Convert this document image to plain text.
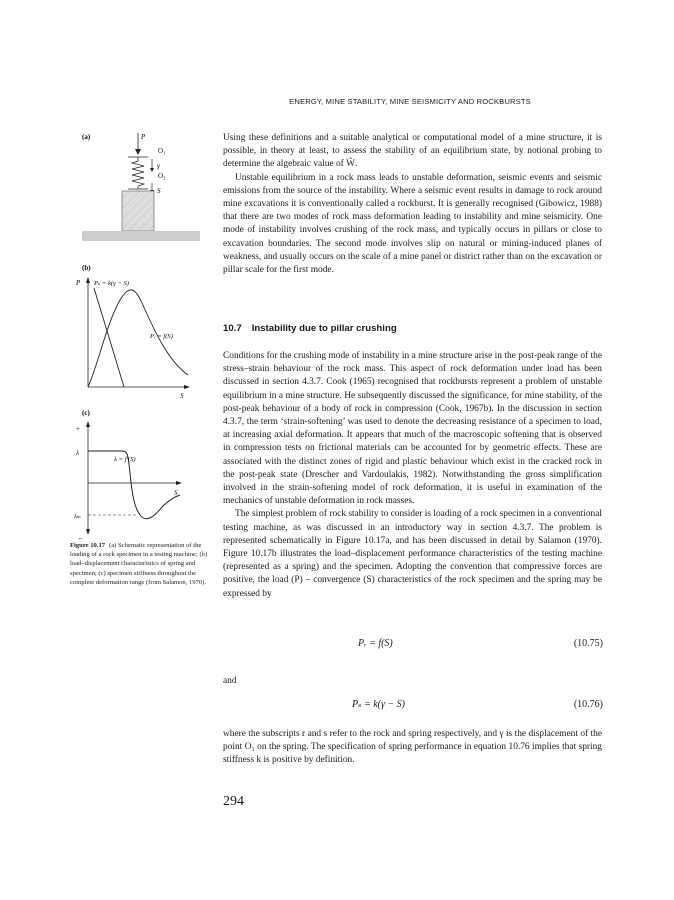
ENERGY, MINE STABILITY, MINE SEISMICITY AND ROCKBURSTS
(a)	P
O₁
γ
O₂
S
(b)
P Pₛ = k(γ − S)
Pᵣ = f(S)
S
(c)
+
−
S
λ
λ = f′(S)
λₘ
Figure 10.17 (a) Schematic representation of the loading of a rock specimen in a testing machine; (b) load–displacement characteristics of spring and specimen; (c) specimen stiffness throughout the complete deformation range (from Salamon, 1970).

Using these definitions and a suitable analytical or computational model of a mine structure, it is possible, in theory at least, to assess the stability of an equilibrium state, by notional probing to determine the algebraic value of Ŵ.

Unstable equilibrium in a rock mass leads to unstable deformation, seismic events and seismic emissions from the source of the instability. Where a seismic event results in damage to rock around mine excavations it is conventionally called a rockburst. It is generally recognised (Gibowicz, 1988) that there are two modes of rock mass deformation leading to instability and mine seismicity. One mode of instability involves crushing of the rock mass, and typically occurs in pillars or close to excavation boundaries. The second mode involves slip on natural or mining-induced planes of weakness, and usually occurs on the scale of a mine panel or district rather than on the excavation or pillar scale for the first mode.

10.7 Instability due to pillar crushing

Conditions for the crushing mode of instability in a mine structure arise in the post-peak range of the stress–strain behaviour of the rock mass. This aspect of rock deformation under load has been discussed in section 4.3.7. Cook (1965) recognised that rockbursts represent a problem of unstable equilibrium in a mine structure. He subsequently discussed the significance, for mine stability, of the post-peak behaviour of a body of rock in compression (Cook, 1967b). In the discussion in section 4.3.7, the term ‘strain-softening’ was used to denote the decreasing resistance of a specimen to load, at increasing axial deformation. It appears that much of the macroscopic softening that is observed in compression tests on frictional materials can be accounted for by geometric effects. These are associated with the distinct zones of rigid and plastic behaviour which exist in the cracked rock in the post-peak state (Drescher and Vardoulakis, 1982). Notwithstanding the gross simplification involved in the strain-softening model of rock deformation, it is useful in examination of the mechanics of unstable deformation in rock masses.

The simplest problem of rock stability to consider is loading of a rock specimen in a conventional testing machine, as was discussed in an introductory way in section 4.3.7. The problem is represented schematically in Figure 10.17a, and has been discussed in detail by Salamon (1970). Figure 10.17b illustrates the load–displacement performance characteristics of the testing machine (represented as a spring) and the specimen. Adopting the convention that compressive forces are positive, the load (P) – convergence (S) characteristics of the rock specimen and the spring may be expressed by

Pᵣ = f(S)	(10.75)
and
Pₛ = k(γ − S)	(10.76)
where the subscripts r and s refer to the rock and spring respectively, and γ is the displacement of the point O₁ on the spring. The specification of spring performance in equation 10.76 implies that spring stiffness k is positive by definition.
294
